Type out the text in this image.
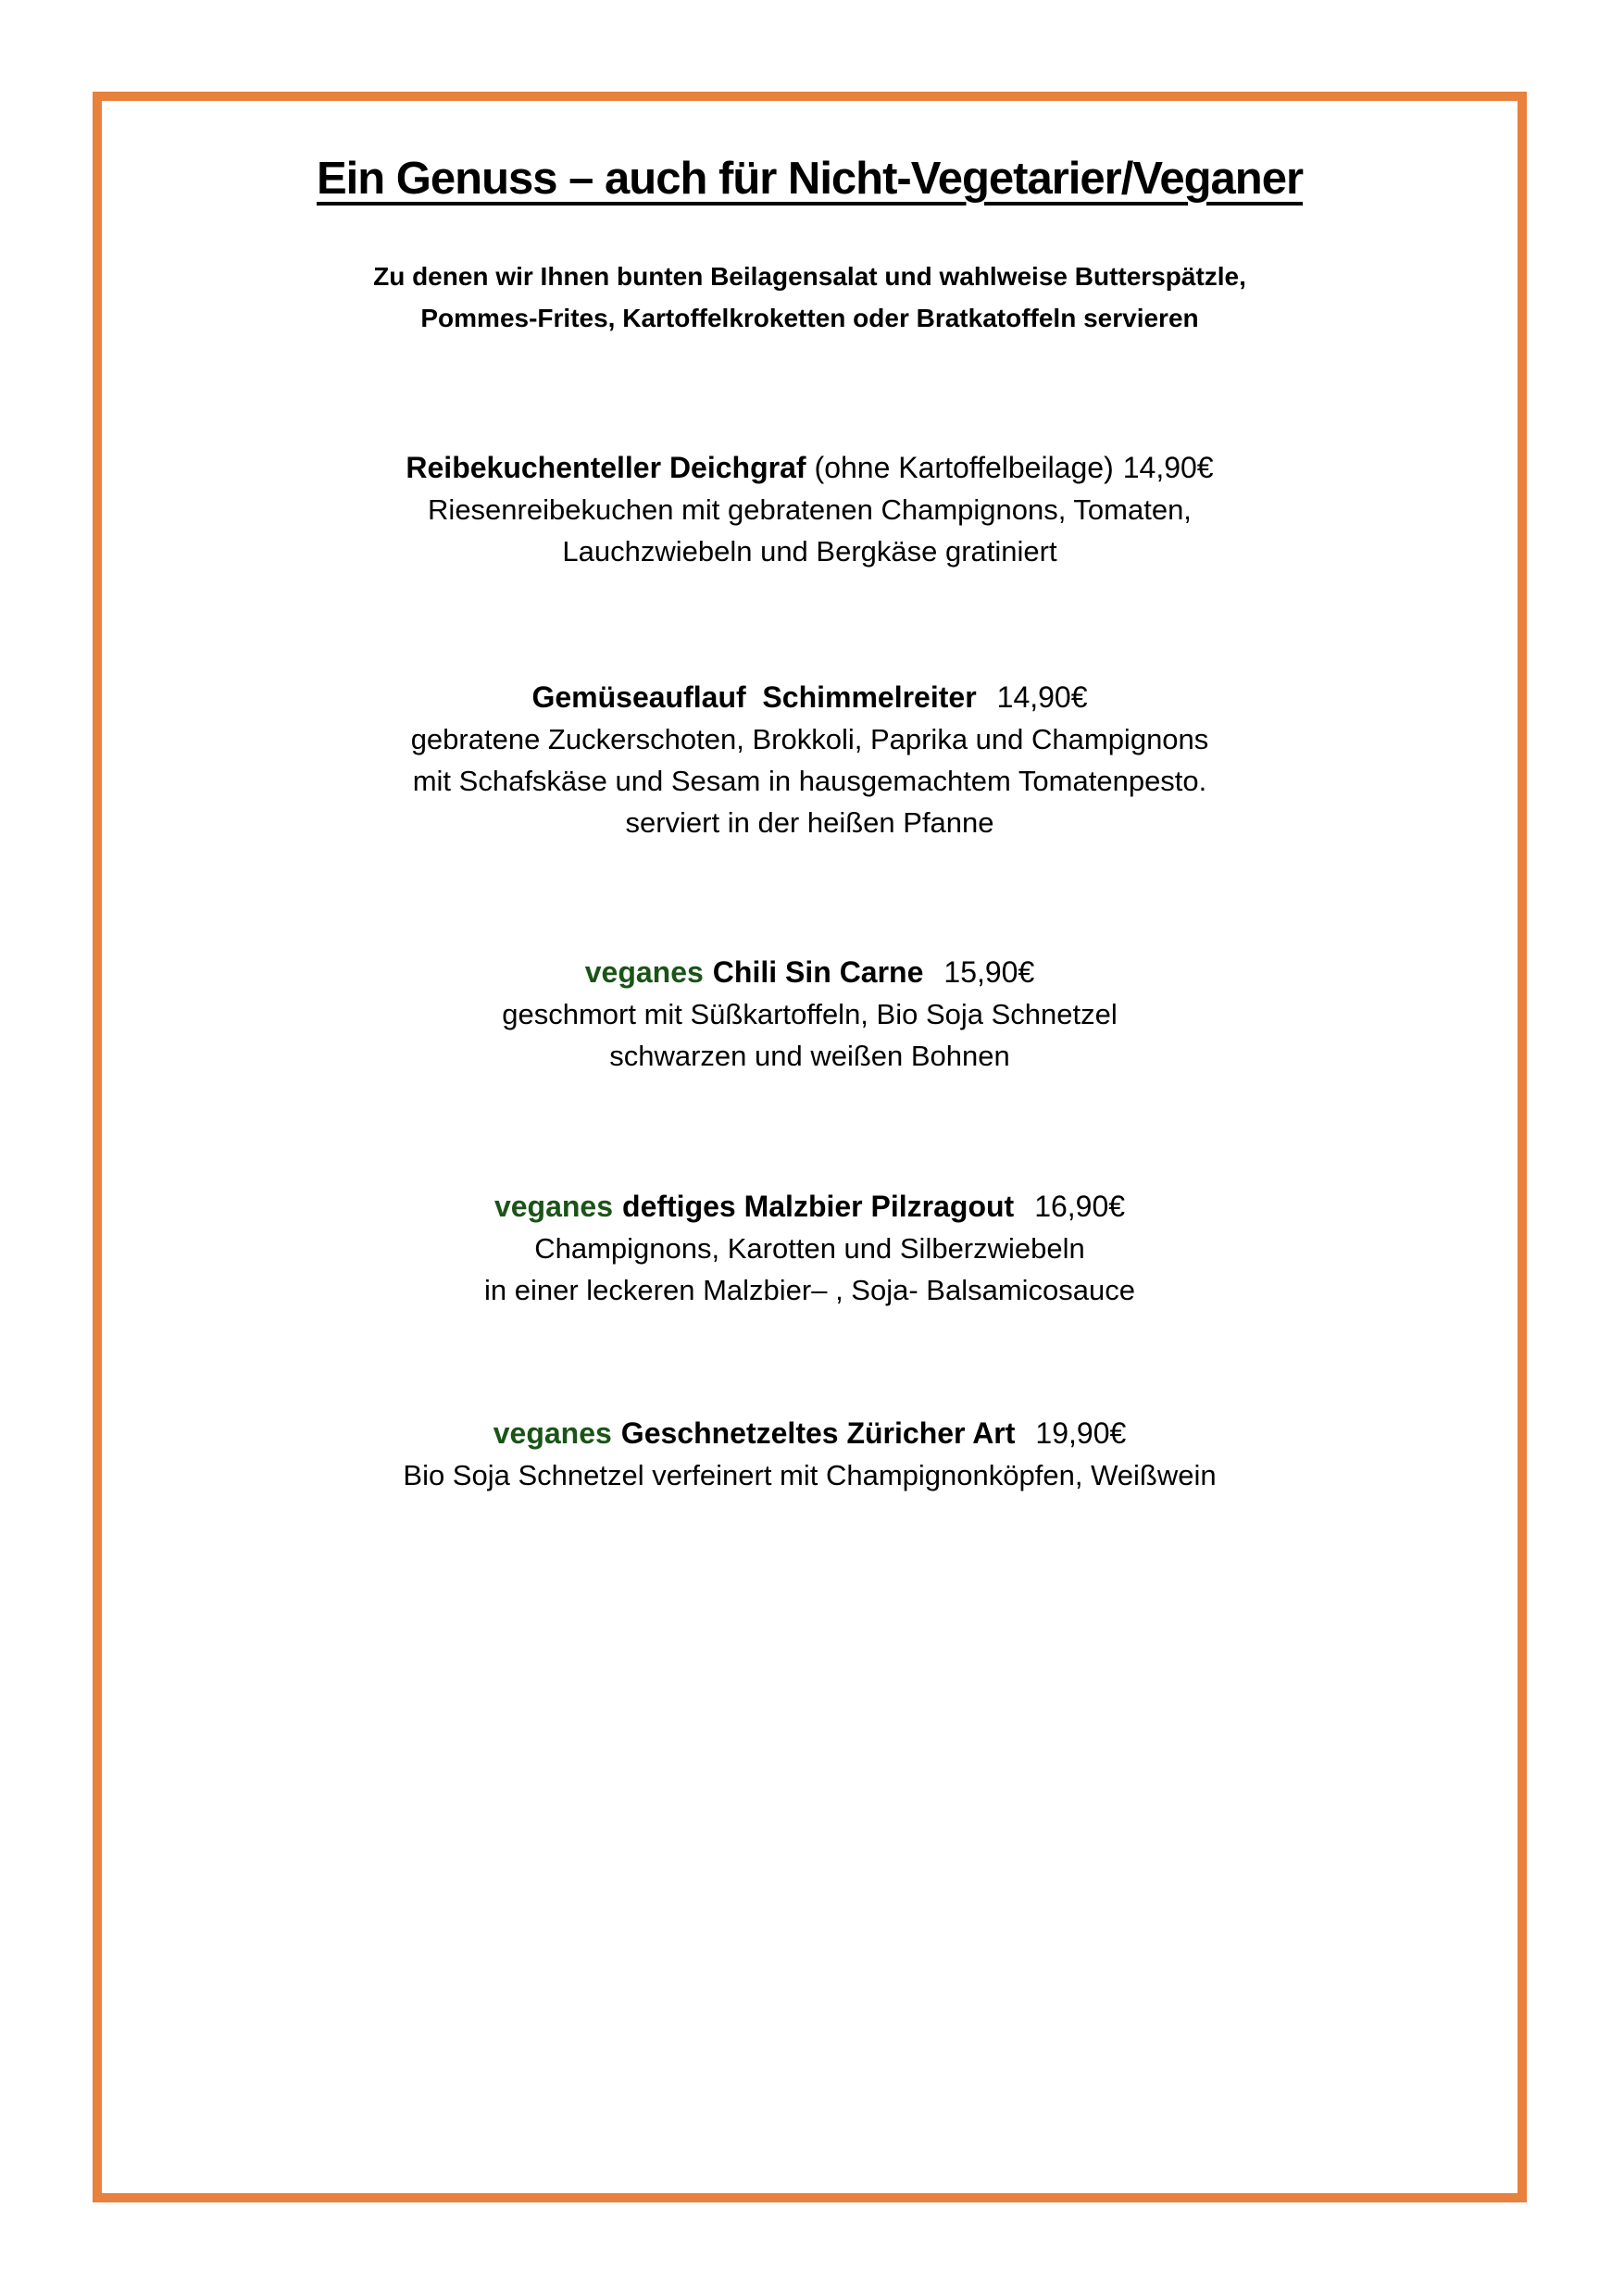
Ein Genuss – auch für Nicht-Vegetarier/Veganer
Zu denen wir Ihnen bunten Beilagensalat und wahlweise Butterspätzle,
Pommes-Frites, Kartoffelkroketten oder Bratkatoffeln servieren
Reibekuchenteller Deichgraf (ohne Kartoffelbeilage) 14,90€
Riesenreibekuchen mit gebratenen Champignons, Tomaten,
Lauchzwiebeln und Bergkäse gratiniert
Gemüseauflauf  Schimmelreiter 14,90€
gebratene Zuckerschoten, Brokkoli, Paprika und Champignons
mit Schafskäse und Sesam in hausgemachtem Tomatenpesto.
serviert in der heißen Pfanne
veganes Chili Sin Carne 15,90€
geschmort mit Süßkartoffeln, Bio Soja Schnetzel
schwarzen und weißen Bohnen
veganes deftiges Malzbier Pilzragout 16,90€
Champignons, Karotten und Silberzwiebeln
in einer leckeren Malzbier– , Soja- Balsamicosauce
veganes Geschnetzeltes Züricher Art 19,90€
Bio Soja Schnetzel verfeinert mit Champignonköpfen, Weißwein
